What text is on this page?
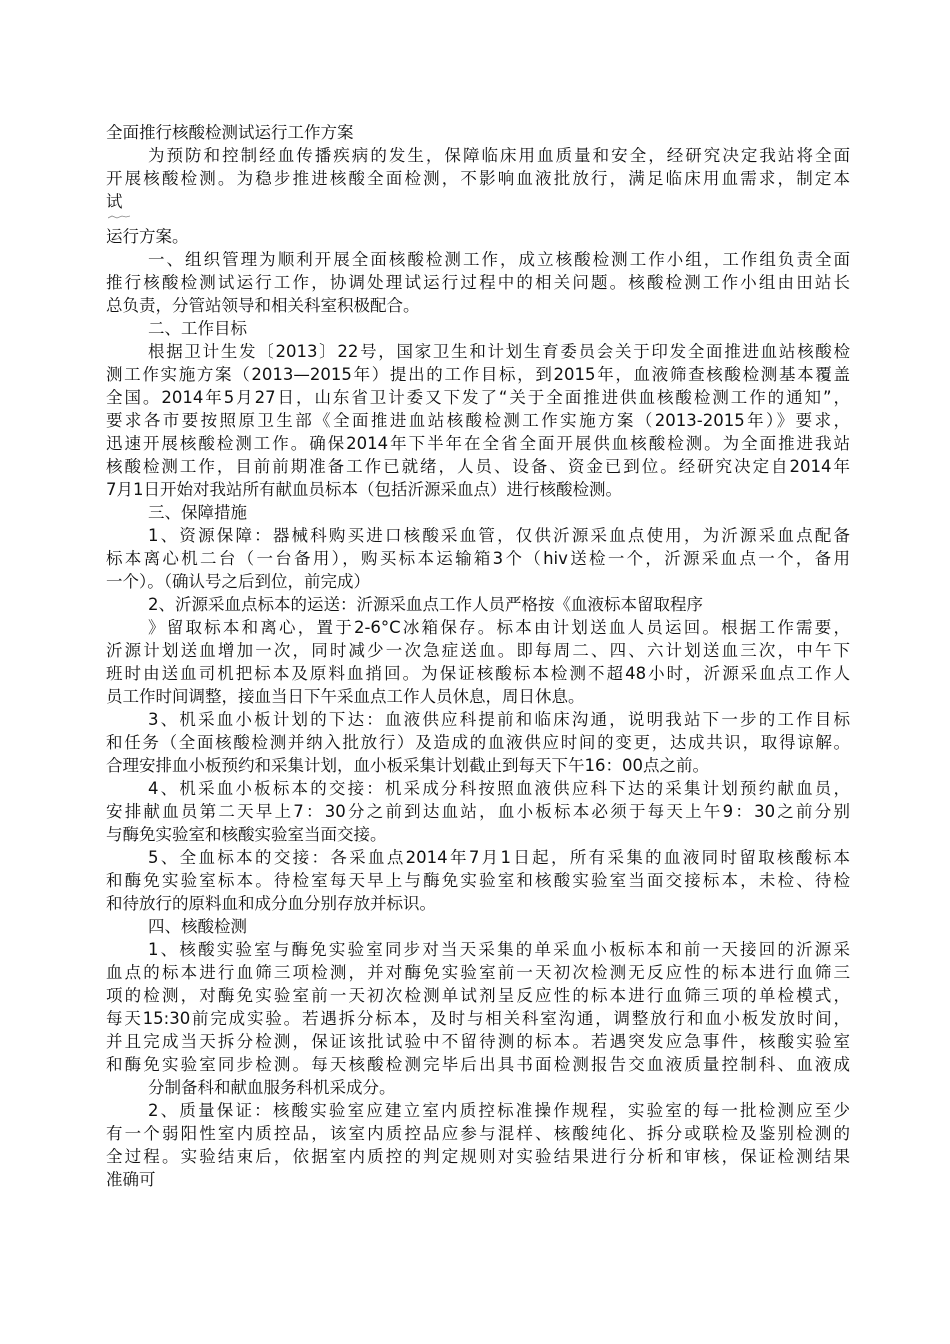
全面推行核酸检测试运行工作方案
为预防和控制经血传播疾病的发生，保障临床用血质量和安全，经研究决定我站将全面
开展核酸检测。为稳步推进核酸全面检测，不影响血液批放行，满足临床用血需求，制定本
试
运行方案。
一、组织管理为顺利开展全面核酸检测工作，成立核酸检测工作小组，工作组负责全面
推行核酸检测试运行工作，协调处理试运行过程中的相关问题。核酸检测工作小组由田站长
总负责，分管站领导和相关科室积极配合。
二、工作目标
根据卫计生发〔2013〕22号，国家卫生和计划生育委员会关于印发全面推进血站核酸检
测工作实施方案（2013—2015年）提出的工作目标，到2015年，血液筛查核酸检测基本覆盖
全国。2014年5月27日，山东省卫计委又下发了“关于全面推进供血核酸检测工作的通知”，
要求各市要按照原卫生部《全面推进血站核酸检测工作实施方案（2013-2015年）》要求，
迅速开展核酸检测工作。确保2014年下半年在全省全面开展供血核酸检测。为全面推进我站
核酸检测工作，目前前期准备工作已就绪，人员、设备、资金已到位。经研究决定自2014年
7月1日开始对我站所有献血员标本（包括沂源采血点）进行核酸检测。
三、保障措施
1、资源保障：器械科购买进口核酸采血管，仅供沂源采血点使用，为沂源采血点配备
标本离心机二台（一台备用），购买标本运输箱3个（hiv送检一个，沂源采血点一个，备用
一个）。（确认号之后到位，前完成）
2、沂源采血点标本的运送：沂源采血点工作人员严格按《血液标本留取程序
》留取标本和离心，置于2-6°C冰箱保存。标本由计划送血人员运回。根据工作需要，
沂源计划送血增加一次，同时减少一次急症送血。即每周二、四、六计划送血三次，中午下
班时由送血司机把标本及原料血捎回。为保证核酸标本检测不超48小时，沂源采血点工作人
员工作时间调整，接血当日下午采血点工作人员休息，周日休息。
3、机采血小板计划的下达：血液供应科提前和临床沟通，说明我站下一步的工作目标
和任务（全面核酸检测并纳入批放行）及造成的血液供应时间的变更，达成共识，取得谅解。
合理安排血小板预约和采集计划，血小板采集计划截止到每天下午16：00点之前。
4、机采血小板标本的交接：机采成分科按照血液供应科下达的采集计划预约献血员，
安排献血员第二天早上7：30分之前到达血站，血小板标本必须于每天上午9：30之前分别
与酶免实验室和核酸实验室当面交接。
5、全血标本的交接：各采血点2014年7月1日起，所有采集的血液同时留取核酸标本
和酶免实验室标本。待检室每天早上与酶免实验室和核酸实验室当面交接标本，未检、待检
和待放行的原料血和成分血分别存放并标识。
四、核酸检测
1、核酸实验室与酶免实验室同步对当天采集的单采血小板标本和前一天接回的沂源采
血点的标本进行血筛三项检测，并对酶免实验室前一天初次检测无反应性的标本进行血筛三
项的检测，对酶免实验室前一天初次检测单试剂呈反应性的标本进行血筛三项的单检模式，
每天15:30前完成实验。若遇拆分标本，及时与相关科室沟通，调整放行和血小板发放时间，
并且完成当天拆分检测，保证该批试验中不留待测的标本。若遇突发应急事件，核酸实验室
和酶免实验室同步检测。每天核酸检测完毕后出具书面检测报告交血液质量控制科、血液成
分制备科和献血服务科机采成分。
2、质量保证：核酸实验室应建立室内质控标准操作规程，实验室的每一批检测应至少
有一个弱阳性室内质控品，该室内质控品应参与混样、核酸纯化、拆分或联检及鉴别检测的
全过程。实验结束后，依据室内质控的判定规则对实验结果进行分析和审核，保证检测结果
准确可
